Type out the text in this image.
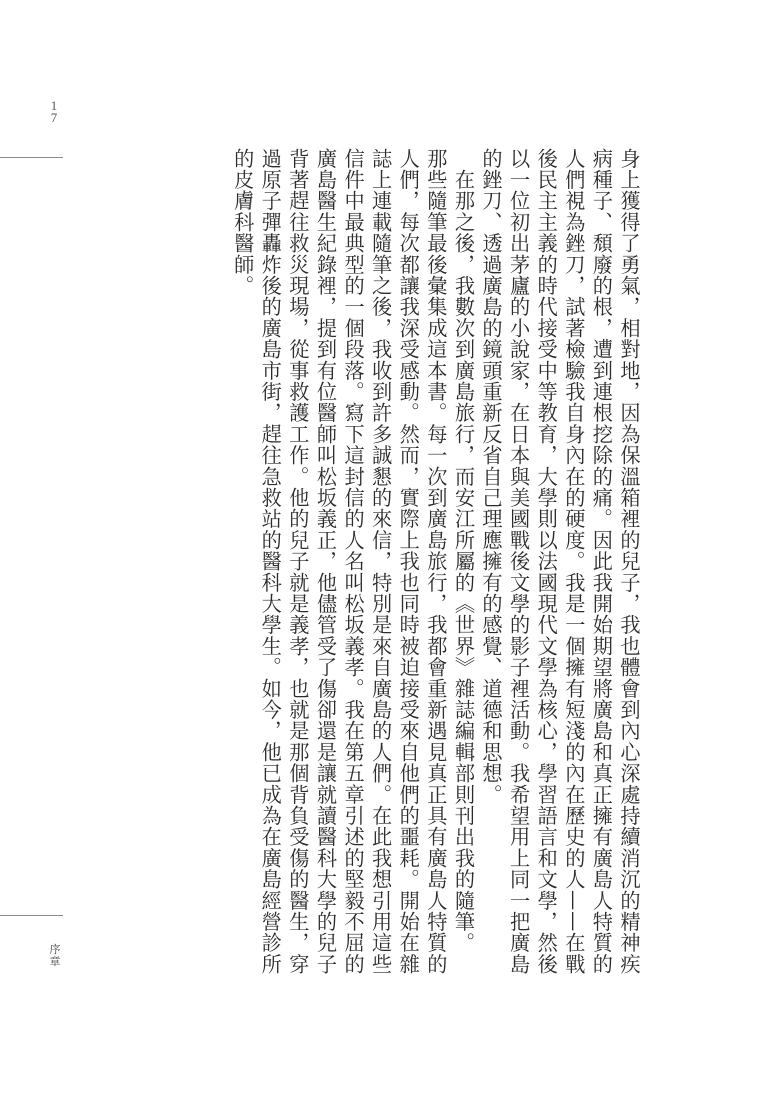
1
7
序
章	身上獲得了勇氣，相對地，因為保溫箱裡的兒子，我也體會到內心深處持續消沉的精神疾
病種子、頹廢的根，遭到連根挖除的痛。因此我開始期望將廣島和真正擁有廣島人特質的
人們視為銼刀，試著檢驗我自身內在的硬度。我是一個擁有短淺的內在歷史的人——在戰
後民主主義的時代接受中等教育，大學則以法國現代文學為核心，學習語言和文學，然後
以一位初出茅廬的小說家，在日本與美國戰後文學的影子裡活動。我希望用上同一把廣島
的銼刀、透過廣島的鏡頭重新反省自己理應擁有的感覺、道德和思想。
　在那之後，我數次到廣島旅行，而安江所屬的《世界》雜誌編輯部則刊出我的隨筆。
那些隨筆最後彙集成這本書。每一次到廣島旅行，我都會重新遇見真正具有廣島人特質的
人們，每次都讓我深受感動。然而，實際上我也同時被迫接受來自他們的噩耗。開始在雜
誌上連載隨筆之後，我收到許多誠懇的來信，特別是來自廣島的人們。在此我想引用這些
信件中最典型的一個段落。寫下這封信的人名叫松坂義孝。我在第五章引述的堅毅不屈的
廣島醫生紀錄裡，提到有位醫師叫松坂義正，他儘管受了傷卻還是讓就讀醫科大學的兒子
背著趕往救災現場，從事救護工作。他的兒子就是義孝，也就是那個背負受傷的醫生，穿
過原子彈轟炸後的廣島市街，趕往急救站的醫科大學生。如今，他已成為在廣島經營診所
的皮膚科醫師。
